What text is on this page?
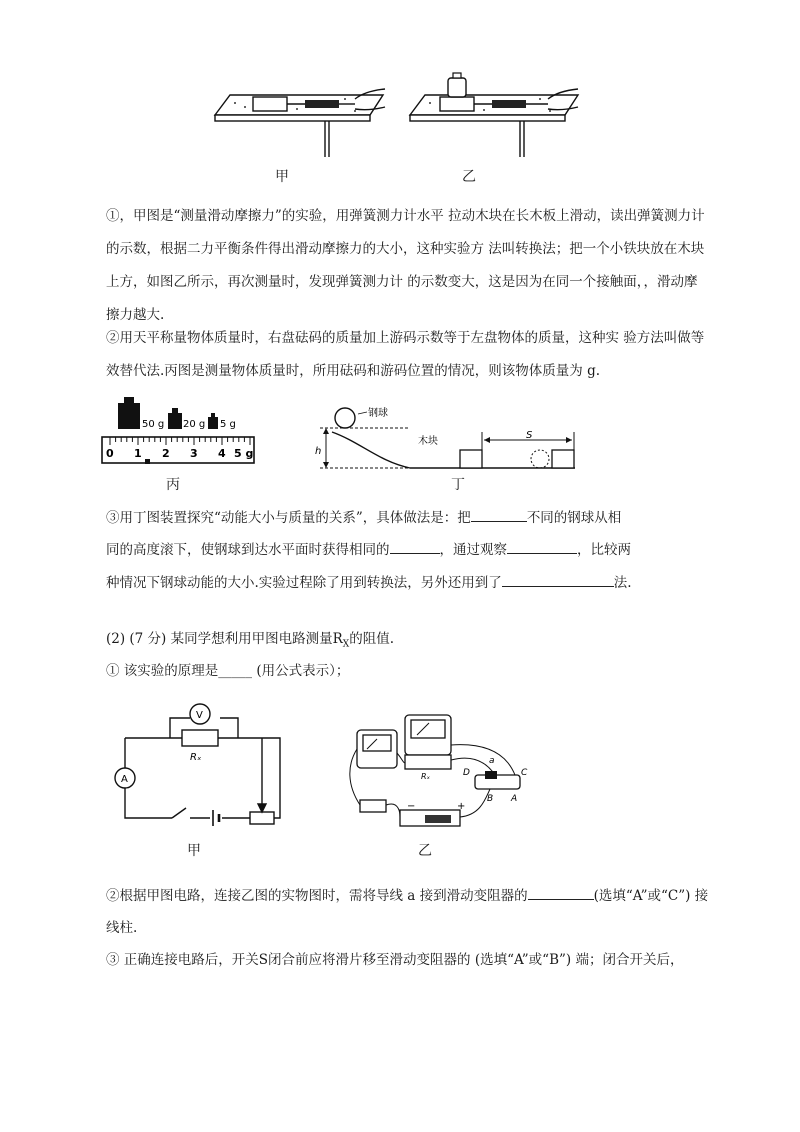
甲	乙

①，甲图是“测量滑动摩擦力”的实验，用弹簧测力计水平 拉动木块在长木板上滑动，读出弹簧测力计的示数，根据二力平衡条件得出滑动摩擦力的大小，这种实验方 法叫转换法；把一个小铁块放在木块上方，如图乙所示，再次测量时，发现弹簧测力计 的示数变大，这是因为在同一个接触面，，滑动摩擦力越大.

②用天平称量物体质量时，右盘砝码的质量加上游码示数等于左盘物体的质量，这种实 验方法叫做等效替代法.丙图是测量物体质量时，所用砝码和游码位置的情况，则该物体质量为 g.

50 g 20 g 5 g
0 1 2 3 4 5 g
丙
钢球
h
木块
S
丁
③用丁图装置探究“动能大小与质量的关系”，具体做法是：把	不同的钢球从相
同的高度滚下，使钢球到达水平面时获得相同的	，通过观察	，比较两
种情况下钢球动能的大小.实验过程除了用到转换法，另外还用到了	法.
(2) (7 分) 某同学想利用甲图电路测量$R_X$的阻值.
① 该实验的原理是_____ (用公式表示）；
V
A
Rₓ
甲
a
D	C
B A
−	+
Rₓ
乙
②根据甲图电路，连接乙图的实物图时，需将导线 a 接到滑动变阻器的	(选填“A”或“C”) 接
线柱.
③ 正确连接电路后，开关S闭合前应将滑片移至滑动变阻器的 (选填“A”或“B”) 端；闭合开关后，
